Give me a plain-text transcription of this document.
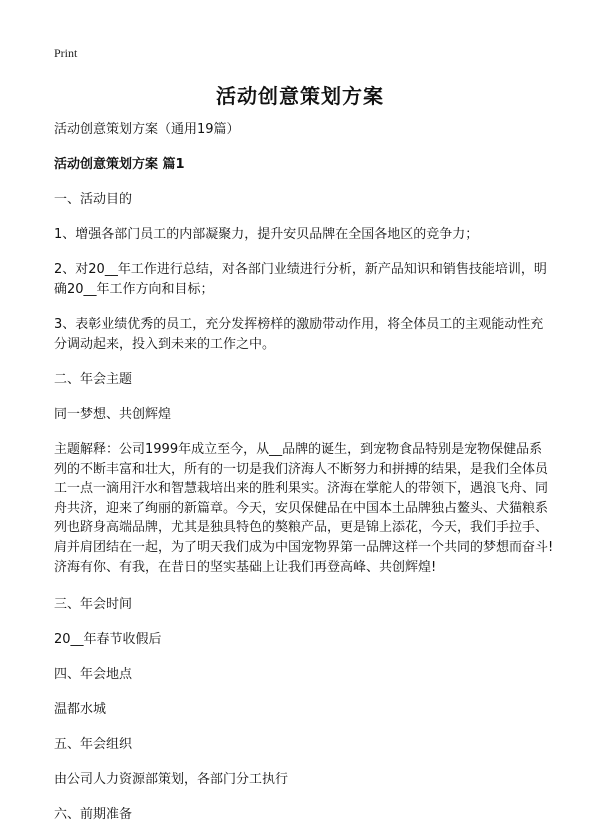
Print
活动创意策划方案

活动创意策划方案（通用19篇）

活动创意策划方案 篇1

一、活动目的

1、增强各部门员工的内部凝聚力，提升安贝品牌在全国各地区的竞争力；

2、对20__年工作进行总结，对各部门业绩进行分析，新产品知识和销售技能培训，明确20__年工作方向和目标；

3、表彰业绩优秀的员工，充分发挥榜样的激励带动作用，将全体员工的主观能动性充分调动起来，投入到未来的工作之中。

二、年会主题

同一梦想、共创辉煌

主题解释：公司1999年成立至今，从__品牌的诞生，到宠物食品特别是宠物保健品系列的不断丰富和壮大，所有的一切是我们济海人不断努力和拼搏的结果，是我们全体员工一点一滴用汗水和智慧栽培出来的胜利果实。济海在掌舵人的带领下，遇浪飞舟、同舟共济，迎来了绚丽的新篇章。今天，安贝保健品在中国本土品牌独占鳌头、犬猫粮系列也跻身高端品牌，尤其是独具特色的獒粮产品，更是锦上添花，今天，我们手拉手、肩并肩团结在一起，为了明天我们成为中国宠物界第一品牌这样一个共同的梦想而奋斗!济海有你、有我，在昔日的坚实基础上让我们再登高峰、共创辉煌!

三、年会时间

20__年春节收假后

四、年会地点

温都水城

五、年会组织

由公司人力资源部策划，各部门分工执行

六、前期准备
